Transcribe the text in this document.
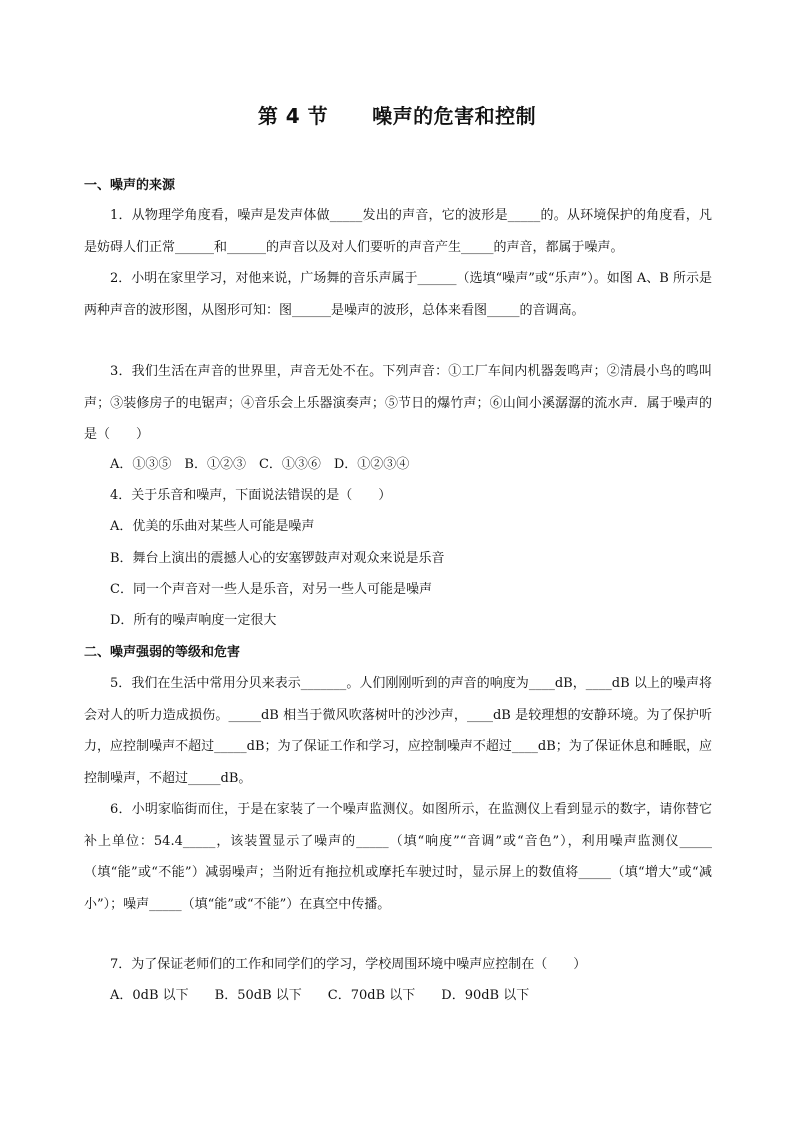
第 4 节 噪声的危害和控制

一、噪声的来源

1．从物理学角度看，噪声是发声体做_____发出的声音，它的波形是_____的。从环境保护的角度看，凡是妨碍人们正常______和______的声音以及对人们要听的声音产生_____的声音，都属于噪声。

2．小明在家里学习，对他来说，广场舞的音乐声属于______（选填“噪声”或“乐声”）。如图 A、B 所示是两种声音的波形图，从图形可知：图______是噪声的波形，总体来看图_____的音调高。

3．我们生活在声音的世界里，声音无处不在。下列声音：①工厂车间内机器轰鸣声；②清晨小鸟的鸣叫声；③装修房子的电锯声；④音乐会上乐器演奏声；⑤节日的爆竹声；⑥山间小溪潺潺的流水声．属于噪声的是（　　）

A．①③⑤　B．①②③　C．①③⑥　D．①②③④

4．关于乐音和噪声，下面说法错误的是（　　）

A．优美的乐曲对某些人可能是噪声

B．舞台上演出的震撼人心的安塞锣鼓声对观众来说是乐音

C．同一个声音对一些人是乐音，对另一些人可能是噪声

D．所有的噪声响度一定很大

二、噪声强弱的等级和危害

5．我们在生活中常用分贝来表示_______。人们刚刚听到的声音的响度为____dB，____dB 以上的噪声将会对人的听力造成损伤。_____dB 相当于微风吹落树叶的沙沙声，____dB 是较理想的安静环境。为了保护听力，应控制噪声不超过_____dB；为了保证工作和学习，应控制噪声不超过____dB；为了保证休息和睡眠，应控制噪声，不超过_____dB。

6．小明家临街而住，于是在家装了一个噪声监测仪。如图所示，在监测仪上看到显示的数字，请你替它补上单位：54.4_____，该装置显示了噪声的_____（填“响度”“音调”或“音色”），利用噪声监测仪_____（填“能”或“不能”）减弱噪声；当附近有拖拉机或摩托车驶过时，显示屏上的数值将_____（填“增大”或“减小”）；噪声_____（填“能”或“不能”）在真空中传播。

7．为了保证老师们的工作和同学们的学习，学校周围环境中噪声应控制在（　　）

A．0dB 以下　　B．50dB 以下　　C．70dB 以下　　D．90dB 以下
